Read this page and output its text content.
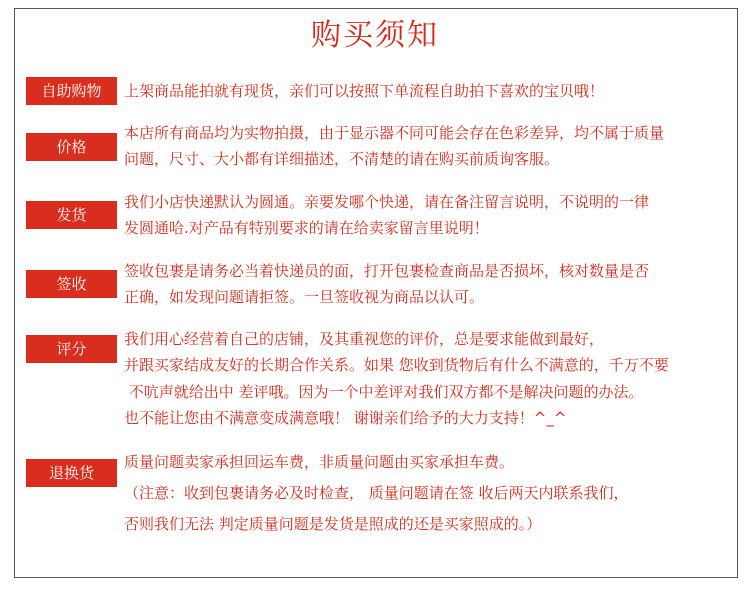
购买须知
自助购物	上架商品能拍就有现货，亲们可以按照下单流程自助拍下喜欢的宝贝哦！
价格
本店所有商品均为实物拍摄，由于显示器不同可能会存在色彩差异，均不属于质量
问题，尺寸、大小都有详细描述，不清楚的请在购买前质询客服。
发货
我们小店快递默认为圆通。亲要发哪个快递，请在备注留言说明，不说明的一律
发圆通哈.对产品有特别要求的请在给卖家留言里说明！
签收
签收包裹是请务必当着快递员的面，打开包裹检查商品是否损坏，核对数量是否
正确，如发现问题请拒签。一旦签收视为商品以认可。
评分
我们用心经营着自己的店铺，及其重视您的评价，总是要求能做到最好，
并跟买家结成友好的长期合作关系。如果 您收到货物后有什么不满意的，千万不要
不吭声就给出中 差评哦。因为一个中差评对我们双方都不是解决问题的办法。
也不能让您由不满意变成满意哦！ 谢谢亲们给予的大力支持！^_^
退换货
质量问题卖家承担回运车费，非质量问题由买家承担车费。
（注意：收到包裹请务必及时检查， 质量问题请在签 收后两天内联系我们，
否则我们无法 判定质量问题是发货是照成的还是买家照成的。）
